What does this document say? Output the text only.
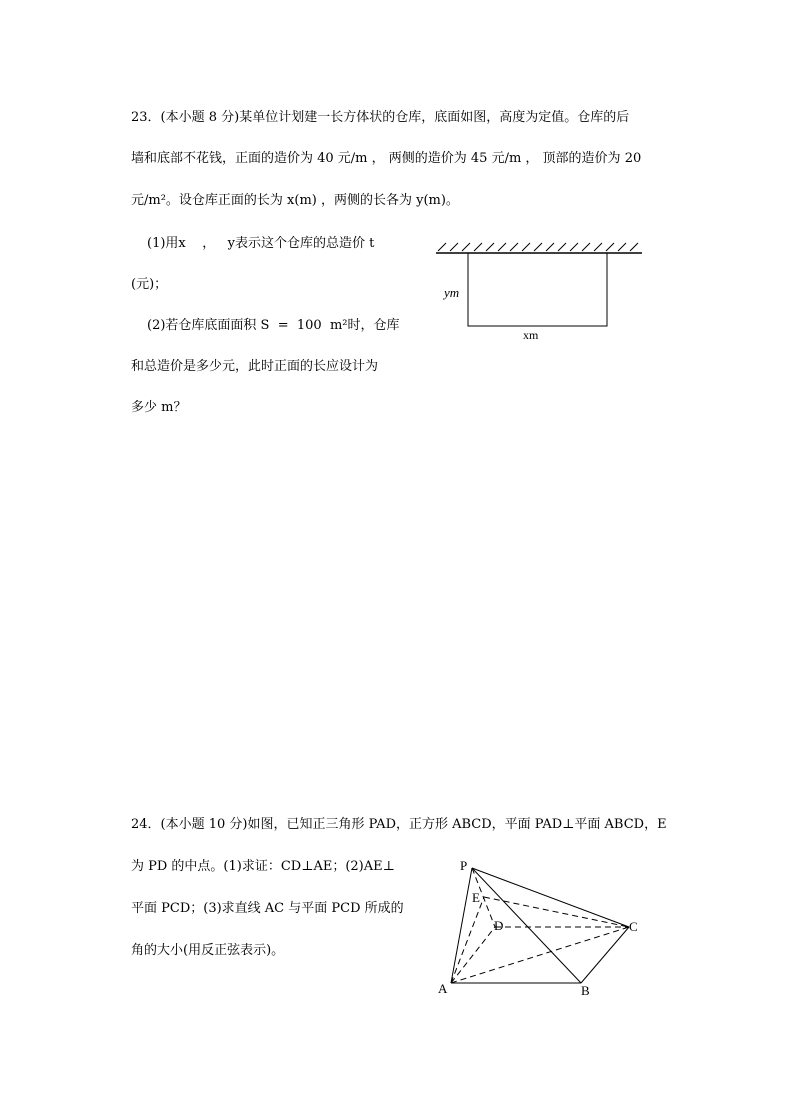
23．(本小题 8 分)某单位计划建一长方体状的仓库，底面如图，高度为定值。仓库的后
墙和底部不花钱，正面的造价为 40 元/m ， 两侧的造价为 45 元/m ， 顶部的造价为 20
元/m²。设仓库正面的长为 x(m) ，两侧的长各为 y(m)。
(1)用x    ，   y表示这个仓库的总造价 t
(元)；
(2)若仓库底面面积 S  =  100  m²时，仓库
和总造价是多少元，此时正面的长应设计为
多少 m？
ym
xm
24．(本小题 10 分)如图，已知正三角形 PAD，正方形 ABCD，平面 PAD⊥平面 ABCD，E
为 PD 的中点。(1)求证：CD⊥AE；(2)AE⊥
平面 PCD；(3)求直线 AC 与平面 PCD 所成的
角的大小(用反正弦表示)。
P
E
D	C
A	B
